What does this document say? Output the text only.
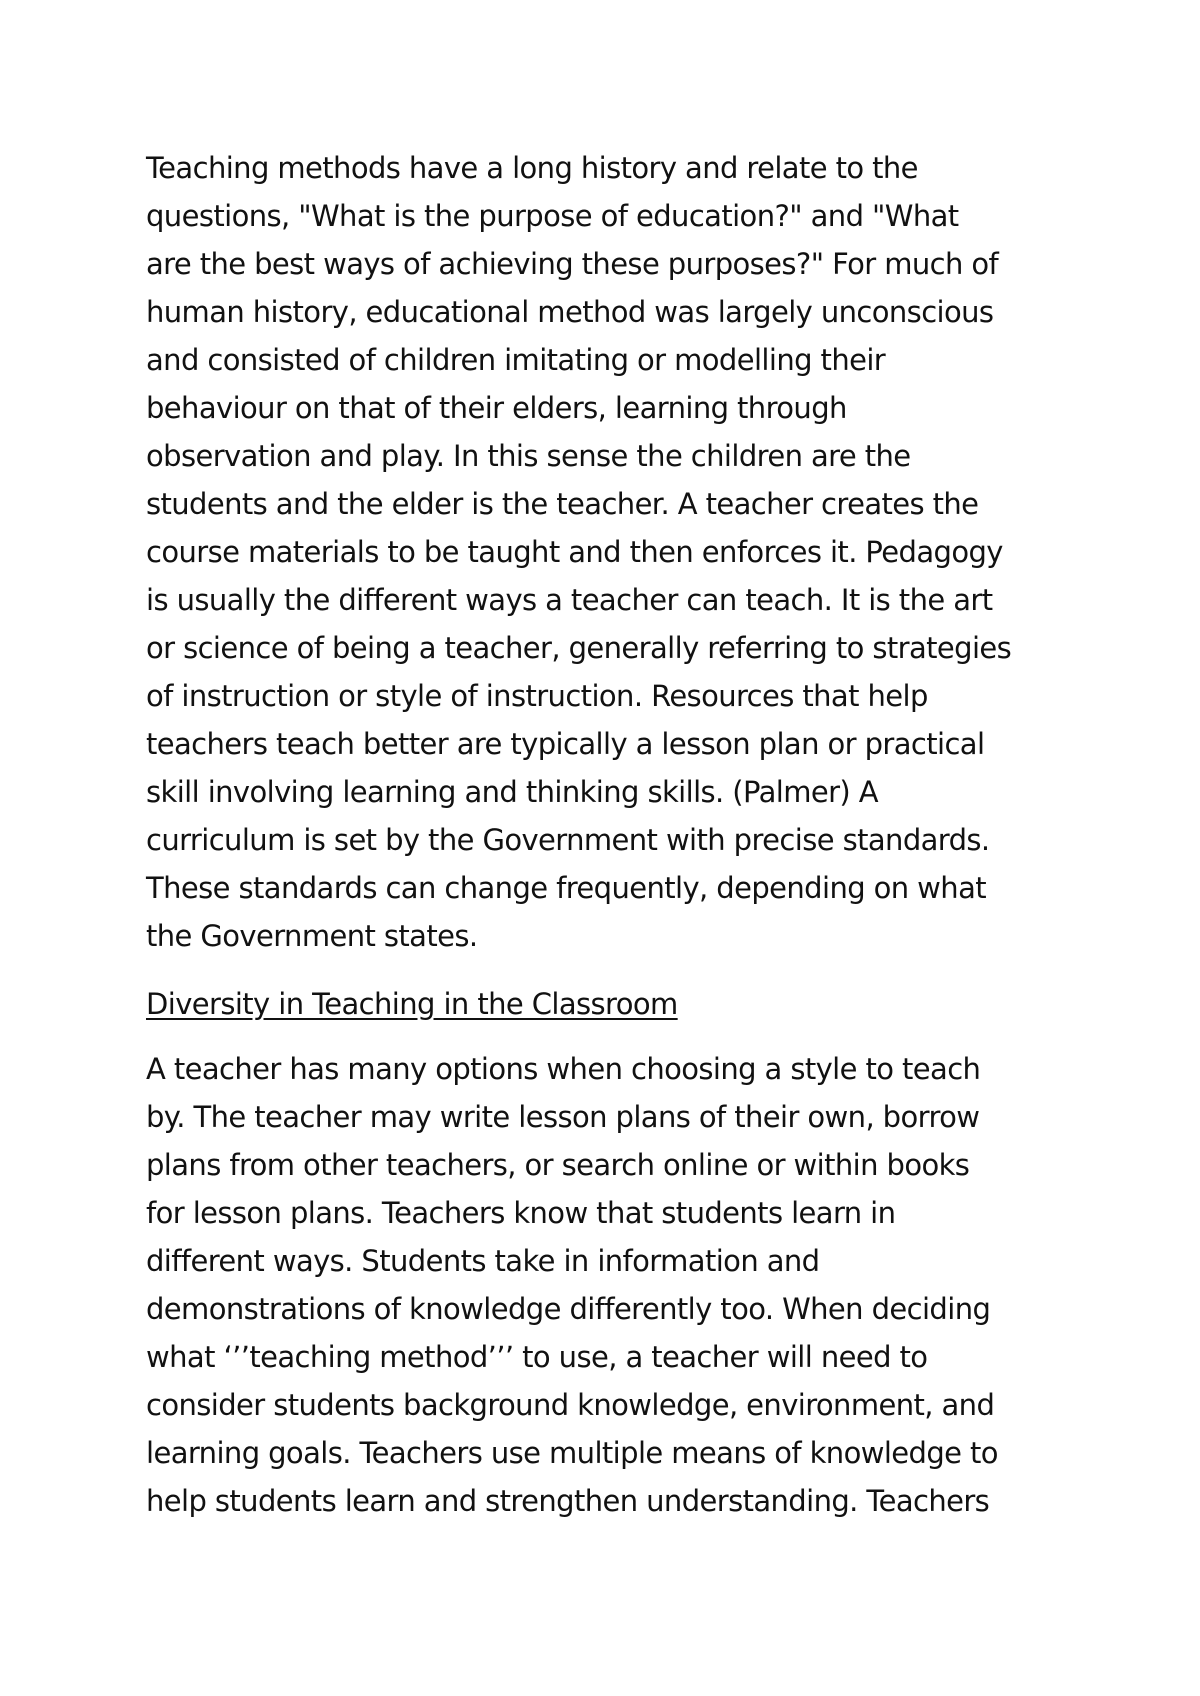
Teaching methods have a long history and relate to the
questions, "What is the purpose of education?" and "What
are the best ways of achieving these purposes?" For much of
human history, educational method was largely unconscious
and consisted of children imitating or modelling their
behaviour on that of their elders, learning through
observation and play. In this sense the children are the
students and the elder is the teacher. A teacher creates the
course materials to be taught and then enforces it. Pedagogy
is usually the different ways a teacher can teach. It is the art
or science of being a teacher, generally referring to strategies
of instruction or style of instruction. Resources that help
teachers teach better are typically a lesson plan or practical
skill involving learning and thinking skills. (Palmer) A
curriculum is set by the Government with precise standards.
These standards can change frequently, depending on what
the Government states.
Diversity in Teaching in the Classroom
A teacher has many options when choosing a style to teach
by. The teacher may write lesson plans of their own, borrow
plans from other teachers, or search online or within books
for lesson plans. Teachers know that students learn in
different ways. Students take in information and
demonstrations of knowledge differently too. When deciding
what ‘’’teaching method’’’ to use, a teacher will need to
consider students background knowledge, environment, and
learning goals. Teachers use multiple means of knowledge to
help students learn and strengthen understanding. Teachers
